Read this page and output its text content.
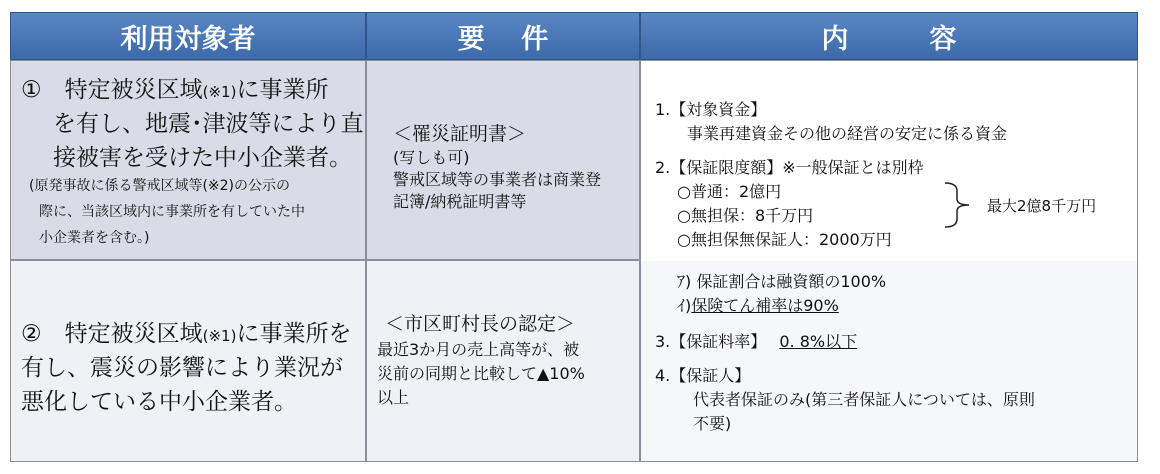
利用対象者	要　 件	内　　　容
①　特定被災区域(※1)に事業所
を有し、地震･津波等により直
接被害を受けた中小企業者。
(原発事故に係る警戒区域等(※2)の公示の
際に、当該区域内に事業所を有していた中
小企業者を含む。)
＜罹災証明書＞
(写しも可)
警戒区域等の事業者は商業登
記簿/納税証明書等
②　特定被災区域(※1)に事業所を
有し、震災の影響により業況が
悪化している中小企業者。
＜市区町村長の認定＞
最近3か月の売上高等が、被
災前の同期と比較して▲10%
以上
1.【対象資金】
事業再建資金その他の経営の安定に係る資金
2.【保証限度額】※一般保証とは別枠
○普通：2億円
○無担保：8千万円
○無担保無保証人：2000万円
最大2億8千万円
ｱ) 保証割合は融資額の100%
ｲ)保険てん補率は90%
3.【保証料率】 0. 8%以下
4.【保証人】
代表者保証のみ(第三者保証人については、原則
不要)
